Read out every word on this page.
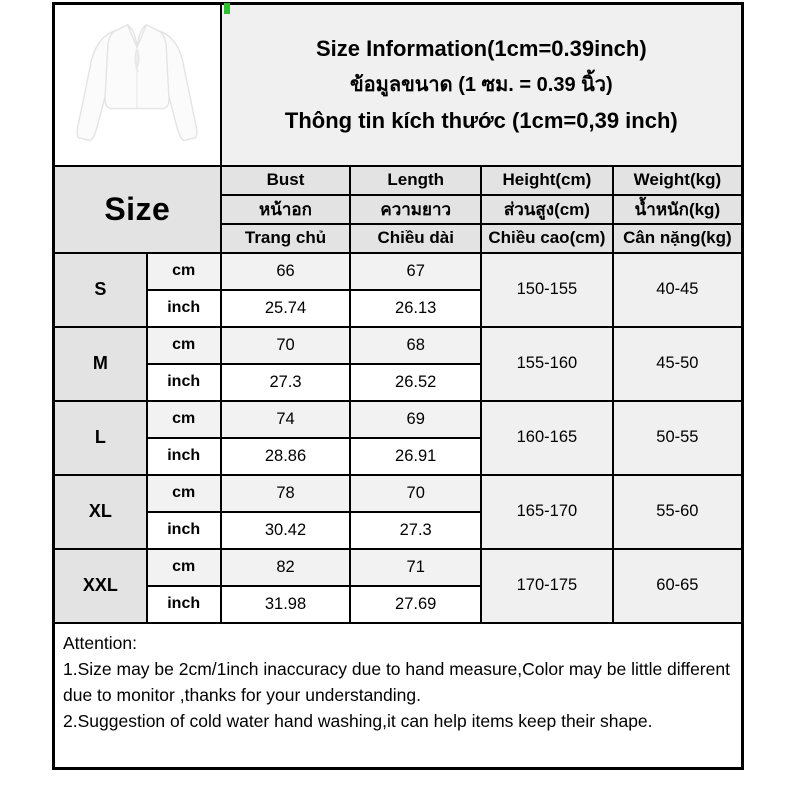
Size Information(1cm=0.39inch)
ข้อมูลขนาด (1 ซม. = 0.39 นิ้ว)
Thông tin kích thước (1cm=0,39 inch)			

Size		Bust	Length	Height(cm)	Weight(kg)
		หน้าอก	ความยาว	ส่วนสูง(cm)	น้ำหนัก(kg)
		Trang chủ	Chiều dài	Chiều cao(cm)	Cân nặng(kg)
S	cm	66	67	150-155	40-45
	inch	25.74	26.13		
M	cm	70	68	155-160	45-50
	inch	27.3	26.52		
L	cm	74	69	160-165	50-55
	inch	28.86	26.91		
XL	cm	78	70	165-170	55-60
	inch	30.42	27.3		
XXL	cm	82	71	170-175	60-65
	inch	31.98	27.69		

Attention:
1.Size may be 2cm/1inch inaccuracy due to hand measure,Color may be little different due to monitor ,thanks for your understanding.
2.Suggestion of cold water hand washing,it can help items keep their shape.					
